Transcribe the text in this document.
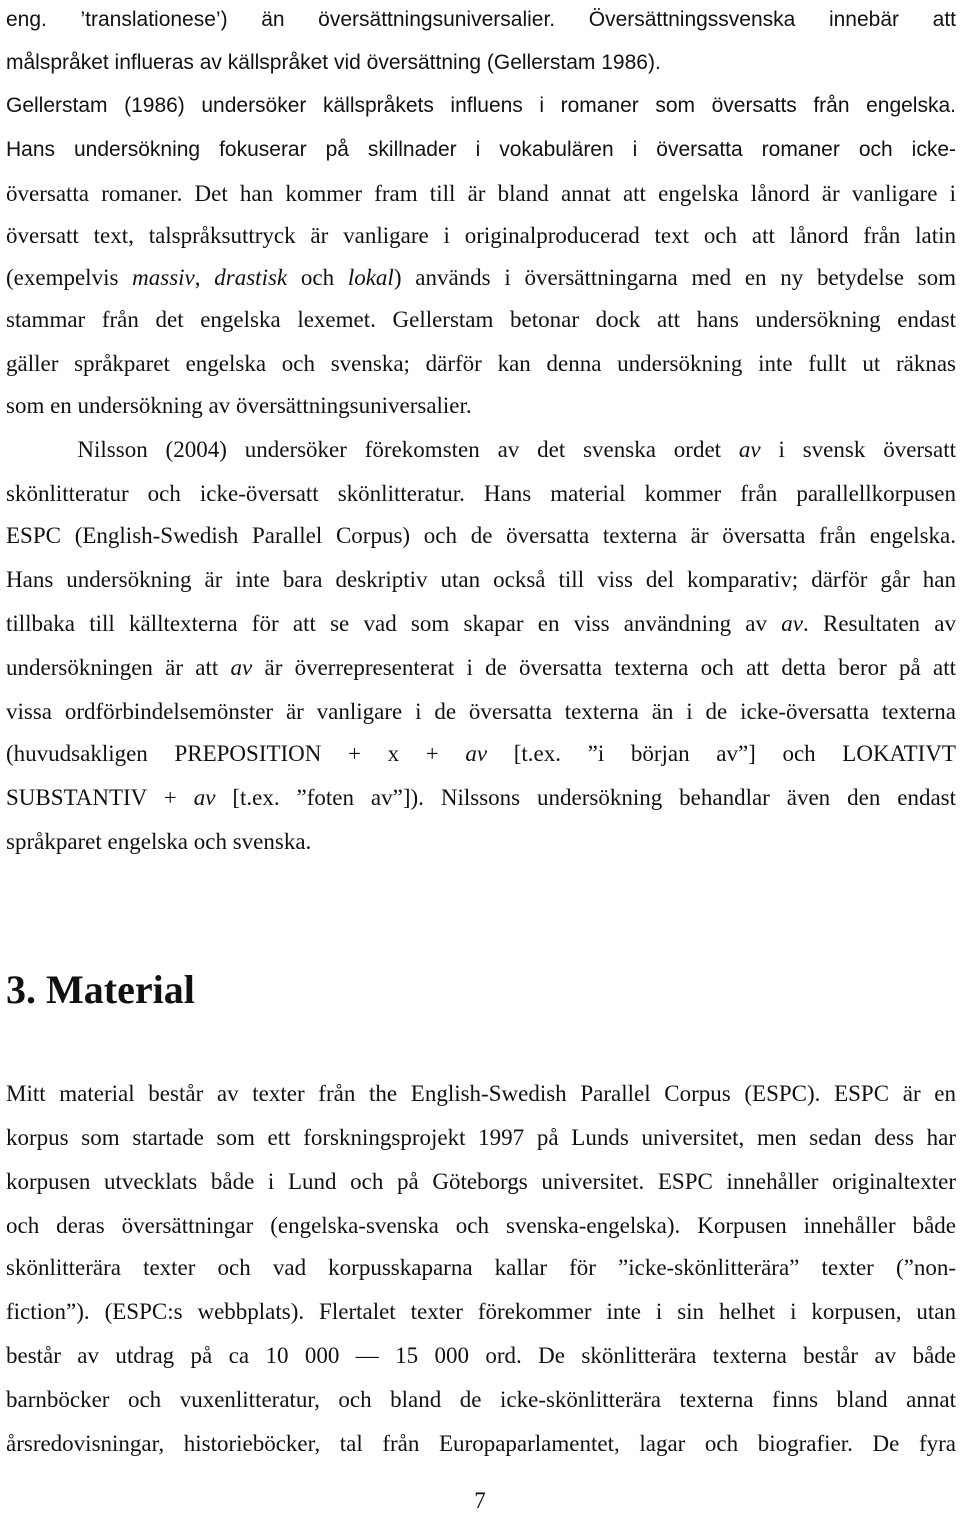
eng.  ’translationese’)  än  översättningsuniversalier.  Översättningssvenska  innebär  att
målspråket influeras av källspråket vid översättning (Gellerstam 1986).
Gellerstam (1986) undersöker källspråkets influens i romaner som översatts från engelska.
Hans undersökning fokuserar på skillnader i vokabulären i översatta romaner och icke-
översatta romaner. Det han kommer fram till är bland annat att engelska lånord är vanligare i
översatt text, talspråksuttryck är vanligare i originalproducerad text och att lånord från latin
(exempelvis massiv, drastisk och lokal) används i översättningarna med en ny betydelse som
stammar från det engelska lexemet. Gellerstam betonar dock att hans undersökning endast
gäller språkparet engelska och svenska; därför kan denna undersökning inte fullt ut räknas
som en undersökning av översättningsuniversalier.
Nilsson (2004) undersöker förekomsten av det svenska ordet av i svensk översatt
skönlitteratur och icke-översatt skönlitteratur. Hans material kommer från parallellkorpusen
ESPC (English-Swedish Parallel Corpus) och de översatta texterna är översatta från engelska.
Hans undersökning är inte bara deskriptiv utan också till viss del komparativ; därför går han
tillbaka till källtexterna för att se vad som skapar en viss användning av av. Resultaten av
undersökningen är att av är överrepresenterat i de översatta texterna och att detta beror på att
vissa ordförbindelsemönster är vanligare i de översatta texterna än i de icke-översatta texterna
(huvudsakligen PREPOSITION + x + av [t.ex. ”i början av”] och LOKATIVT
SUBSTANTIV + av [t.ex. ”foten av”]). Nilssons undersökning behandlar även den endast
språkparet engelska och svenska.
Mitt material består av texter från the English-Swedish Parallel Corpus (ESPC). ESPC är en
korpus som startade som ett forskningsprojekt 1997 på Lunds universitet, men sedan dess har
korpusen utvecklats både i Lund och på Göteborgs universitet. ESPC innehåller originaltexter
och deras översättningar (engelska-svenska och svenska-engelska). Korpusen innehåller både
skönlitterära texter och vad korpusskaparna kallar för ”icke-skönlitterära” texter (”non-
fiction”). (ESPC:s webbplats). Flertalet texter förekommer inte i sin helhet i korpusen, utan
består av utdrag på ca 10 000 — 15 000 ord. De skönlitterära texterna består av både
barnböcker och vuxenlitteratur, och bland de icke-skönlitterära texterna finns bland annat
årsredovisningar, historieböcker, tal från Europaparlamentet, lagar och biografier. De fyra
3. Material
7
